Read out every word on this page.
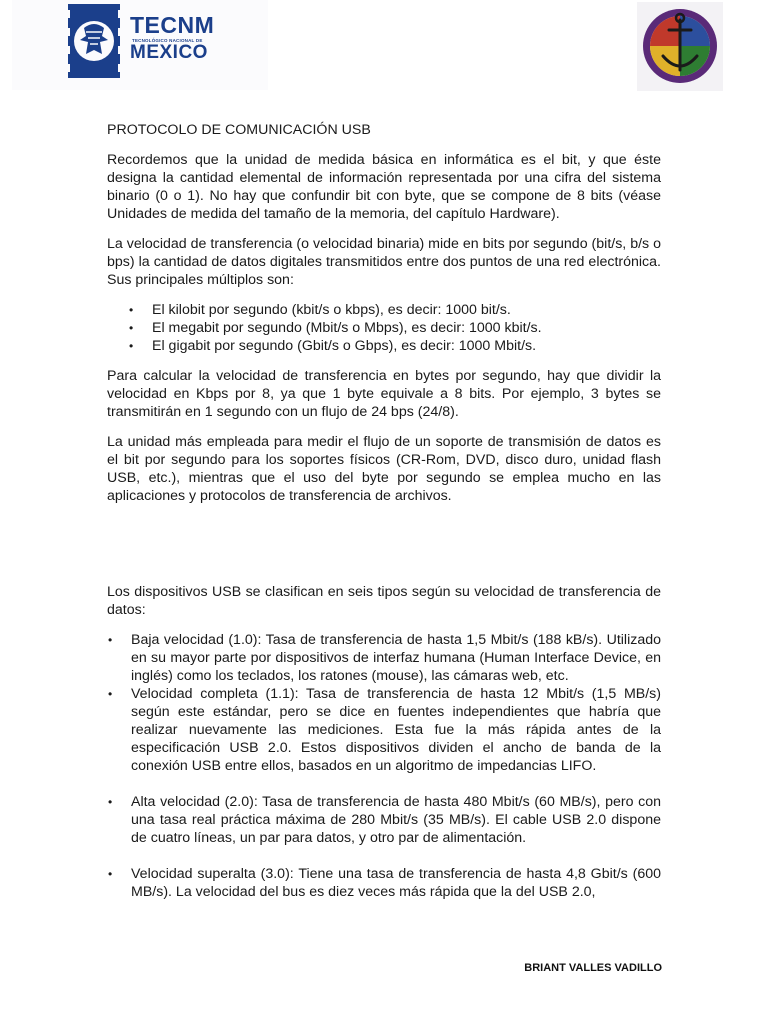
TECNM
TECNOLÓGICO NACIONAL DE
MEXICO

PROTOCOLO DE COMUNICACIÓN USB

Recordemos que la unidad de medida básica en informática es el bit, y que éste designa la cantidad elemental de información representada por una cifra del sistema binario (0 o 1). No hay que confundir bit con byte, que se compone de 8 bits (véase Unidades de medida del tamaño de la memoria, del capítulo Hardware).

La velocidad de transferencia (o velocidad binaria) mide en bits por segundo (bit/s, b/s o bps) la cantidad de datos digitales transmitidos entre dos puntos de una red electrónica. Sus principales múltiplos son:

• El kilobit por segundo (kbit/s o kbps), es decir: 1000 bit/s.
• El megabit por segundo (Mbit/s o Mbps), es decir: 1000 kbit/s.
• El gigabit por segundo (Gbit/s o Gbps), es decir: 1000 Mbit/s.

Para calcular la velocidad de transferencia en bytes por segundo, hay que dividir la velocidad en Kbps por 8, ya que 1 byte equivale a 8 bits. Por ejemplo, 3 bytes se transmitirán en 1 segundo con un flujo de 24 bps (24/8).

La unidad más empleada para medir el flujo de un soporte de transmisión de datos es el bit por segundo para los soportes físicos (CR-Rom, DVD, disco duro, unidad flash USB, etc.), mientras que el uso del byte por segundo se emplea mucho en las aplicaciones y protocolos de transferencia de archivos.

Los dispositivos USB se clasifican en seis tipos según su velocidad de transferencia de datos:

• Baja velocidad (1.0): Tasa de transferencia de hasta 1,5 Mbit/s (188 kB/s). Utilizado en su mayor parte por dispositivos de interfaz humana (Human Interface Device, en inglés) como los teclados, los ratones (mouse), las cámaras web, etc.
• Velocidad completa (1.1): Tasa de transferencia de hasta 12 Mbit/s (1,5 MB/s) según este estándar, pero se dice en fuentes independientes que habría que realizar nuevamente las mediciones. Esta fue la más rápida antes de la especificación USB 2.0. Estos dispositivos dividen el ancho de banda de la conexión USB entre ellos, basados en un algoritmo de impedancias LIFO.
• Alta velocidad (2.0): Tasa de transferencia de hasta 480 Mbit/s (60 MB/s), pero con una tasa real práctica máxima de 280 Mbit/s (35 MB/s). El cable USB 2.0 dispone de cuatro líneas, un par para datos, y otro par de alimentación.
• Velocidad superalta (3.0): Tiene una tasa de transferencia de hasta 4,8 Gbit/s (600 MB/s). La velocidad del bus es diez veces más rápida que la del USB 2.0,
BRIANT VALLES VADILLO
